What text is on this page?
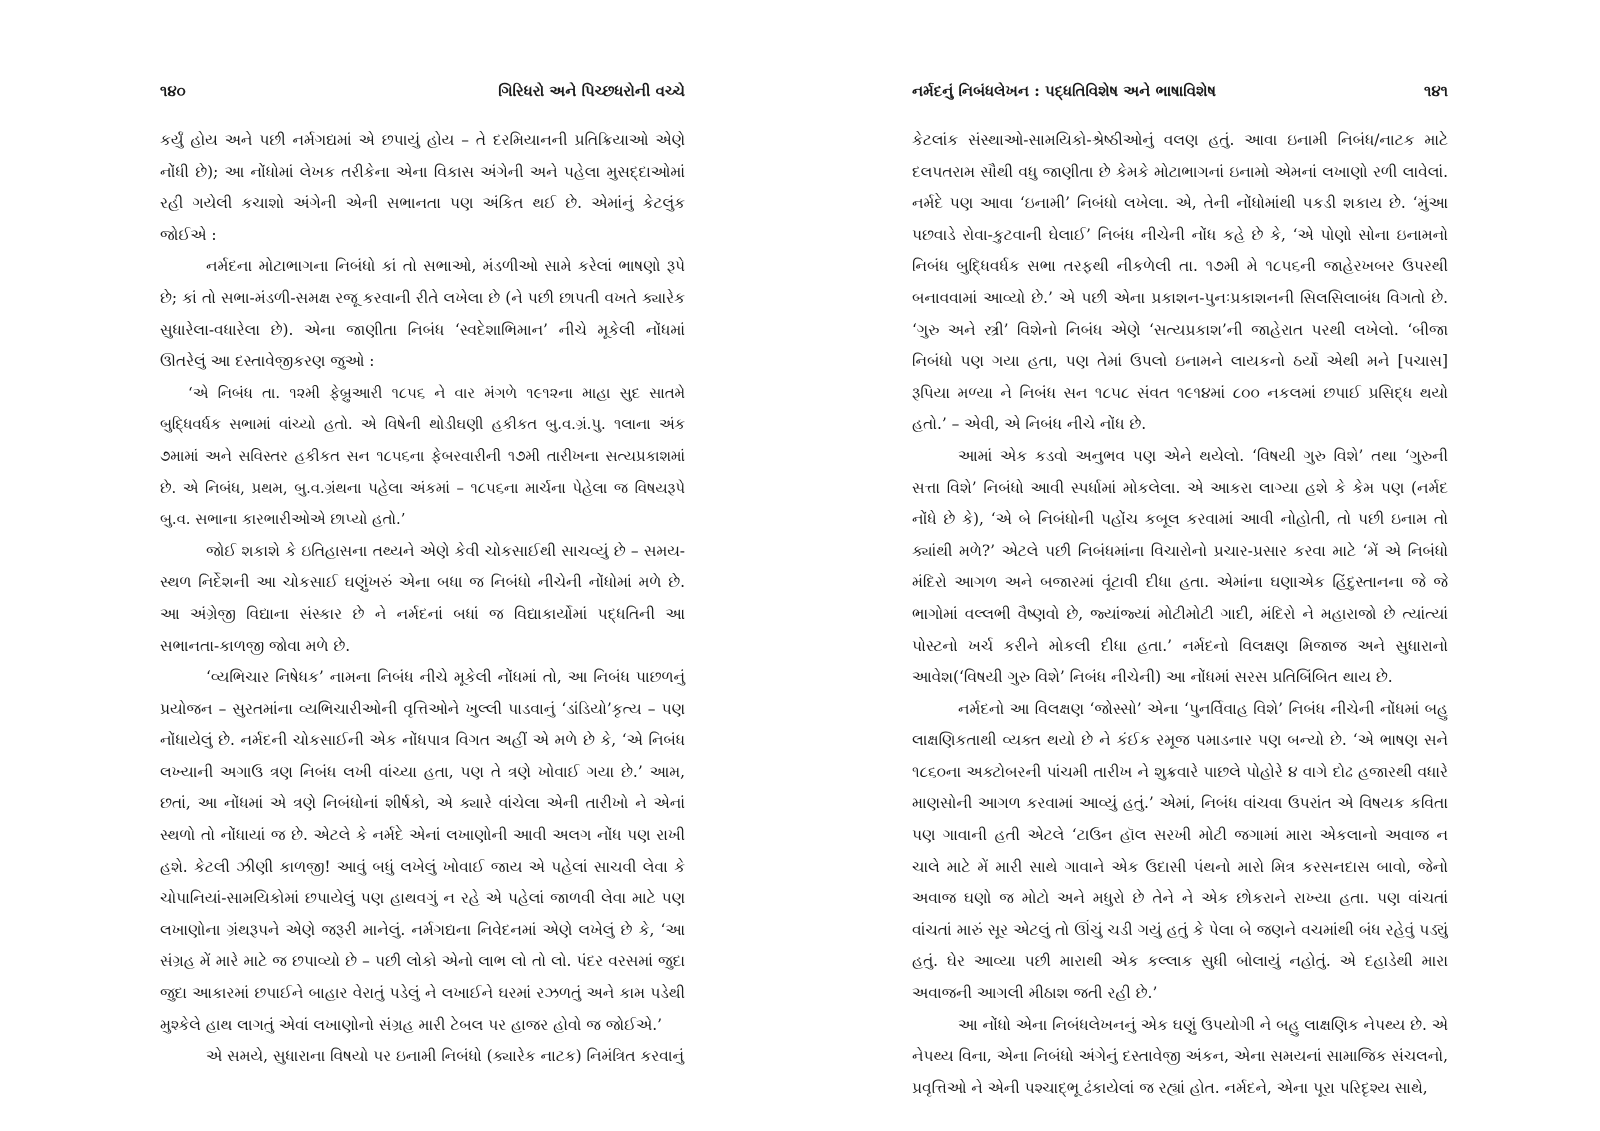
૧૪૦	ગિરિધરો અને પિચ્છધરોની વચ્ચે

કર્યું હોય અને પછી નર્મગદ્યમાં એ છપાયું હોય – તે દરમિયાનની પ્રતિક્રિયાઓ એણે નોંધી છે); આ નોંધોમાં લેખક તરીકેના એના વિકાસ અંગેની અને પહેલા મુસદ્દાઓમાં રહી ગયેલી કચાશો અંગેની એની સભાનતા પણ અંકિત થઈ છે. એમાંનું કેટલુંક જોઈએ :

નર્મદના મોટાભાગના નિબંધો કાં તો સભાઓ, મંડળીઓ સામે કરેલાં ભાષણો રૂપે છે; કાં તો સભા-મંડળી-સમક્ષ રજૂ કરવાની રીતે લખેલા છે (ને પછી છાપતી વખતે ક્યારેક સુધારેલા-વધારેલા છે). એના જાણીતા નિબંધ ‘સ્વદેશાભિમાન’ નીચે મૂકેલી નોંધમાં ઊતરેલું આ દસ્તાવેજીકરણ જુઓ :

‘એ નિબંધ તા. ૧૨મી ફેબ્રુઆરી ૧૮૫૬ ને વાર મંગળે ૧૯૧૨ના માહા સુદ સાતમે બુદ્ધિવર્ધક સભામાં વાંચ્યો હતો. એ વિષેની થોડીઘણી હકીકત બુ.વ.ગ્રં.પુ. ૧લાના અંક ૭મામાં અને સવિસ્તર હકીકત સન ૧૮૫૬ના ફેબરવારીની ૧૭મી તારીખના સત્યપ્રકાશમાં છે. એ નિબંધ, પ્રથમ, બુ.વ.ગ્રંથના પહેલા અંકમાં – ૧૮૫૬ના માર્ચના પેહેલા જ વિષયરૂપે બુ.વ. સભાના કારભારીઓએ છાપ્યો હતો.’

જોઈ શકાશે કે ઇતિહાસના તથ્યને એણે કેવી ચોકસાઈથી સાચવ્યું છે – સમય-સ્થળ નિર્દેશની આ ચોકસાઈ ઘણુંખરું એના બધા જ નિબંધો નીચેની નોંધોમાં મળે છે. આ અંગ્રેજી વિદ્યાના સંસ્કાર છે ને નર્મદનાં બધાં જ વિદ્યાકાર્યોમાં પદ્ધતિની આ સભાનતા-કાળજી જોવા મળે છે.

‘વ્યભિચાર નિષેધક’ નામના નિબંધ નીચે મૂકેલી નોંધમાં તો, આ નિબંધ પાછળનું પ્રયોજન – સુરતમાંના વ્યભિચારીઓની વૃત્તિઓને ખુલ્લી પાડવાનું ‘ડાંડિયો’કૃત્ય – પણ નોંધાયેલું છે. નર્મદની ચોકસાઈની એક નોંધપાત્ર વિગત અહીં એ મળે છે કે, ‘એ નિબંધ લખ્યાની અગાઉ ત્રણ નિબંધ લખી વાંચ્યા હતા, પણ તે ત્રણે ખોવાઈ ગયા છે.’ આમ, છતાં, આ નોંધમાં એ ત્રણે નિબંધોનાં શીર્ષકો, એ ક્યારે વાંચેલા એની તારીખો ને એનાં સ્થળો તો નોંધાયાં જ છે. એટલે કે નર્મદે એનાં લખાણોની આવી અલગ નોંધ પણ રાખી હશે. કેટલી ઝીણી કાળજી! આવું બધું લખેલું ખોવાઈ જાય એ પહેલાં સાચવી લેવા કે ચોપાનિયાં-સામયિકોમાં છપાયેલું પણ હાથવગું ન રહે એ પહેલાં જાળવી લેવા માટે પણ લખાણોના ગ્રંથરૂપને એણે જરૂરી માનેલું. નર્મગદ્યના નિવેદનમાં એણે લખેલું છે કે, ‘આ સંગ્રહ મેં મારે માટે જ છપાવ્યો છે – પછી લોકો એનો લાભ લો તો લો. પંદર વરસમાં જુદા જુદા આકારમાં છપાઈને બાહાર વેરાતું પડેલું ને લખાઈને ઘરમાં રઝળતું અને કામ પડેથી મુશ્કેલે હાથ લાગતું એવાં લખાણોનો સંગ્રહ મારી ટેબલ પર હાજર હોવો જ જોઈએ.’

એ સમયે, સુધારાના વિષયો પર ઇનામી નિબંધો (ક્યારેક નાટક) નિમંત્રિત કરવાનું

નર્મદનું નિબંધલેખન : પદ્ધતિવિશેષ અને ભાષાવિશેષ	૧૪૧

કેટલાંક સંસ્થાઓ-સામયિકો-શ્રેષ્ઠીઓનું વલણ હતું. આવા ઇનામી નિબંધ/નાટક માટે દલપતરામ સૌથી વધુ જાણીતા છે કેમકે મોટાભાગનાં ઇનામો એમનાં લખાણો રળી લાવેલાં. નર્મદે પણ આવા ‘ઇનામી’ નિબંધો લખેલા. એ, તેની નોંધોમાંથી પકડી શકાય છે. ‘મુંઆ પછવાડે રોવા-કુટવાની ઘેલાઈ’ નિબંધ નીચેની નોંધ કહે છે કે, ‘એ પોણો સોના ઇનામનો નિબંધ બુદ્ધિવર્ધક સભા તરફથી નીકળેલી તા. ૧૭મી મે ૧૮૫૬ની જાહેરખબર ઉપરથી બનાવવામાં આવ્યો છે.’ એ પછી એના પ્રકાશન-પુનઃપ્રકાશનની સિલસિલાબંધ વિગતો છે. ‘ગુરુ અને સ્ત્રી’ વિશેનો નિબંધ એણે ‘સત્યપ્રકાશ’ની જાહેરાત પરથી લખેલો. ‘બીજા નિબંધો પણ ગયા હતા, પણ તેમાં ઉપલો ઇનામને લાયકનો ઠર્યો એથી મને [પચાસ] રૂપિયા મળ્યા ને નિબંધ સન ૧૮૫૮ સંવત ૧૯૧૪માં ૮૦૦ નકલમાં છપાઈ પ્રસિદ્ધ થયો હતો.’ – એવી, એ નિબંધ નીચે નોંધ છે.

આમાં એક કડવો અનુભવ પણ એને થયેલો. ‘વિષયી ગુરુ વિશે’ તથા ‘ગુરુની સત્તા વિશે’ નિબંધો આવી સ્પર્ધામાં મોકલેલા. એ આકરા લાગ્યા હશે કે કેમ પણ (નર્મદ નોંધે છે કે), ‘એ બે નિબંધોની પહોંચ કબૂલ કરવામાં આવી નોહોતી, તો પછી ઇનામ તો ક્યાંથી મળે?’ એટલે પછી નિબંધમાંના વિચારોનો પ્રચાર-પ્રસાર કરવા માટે ‘મેં એ નિબંધો મંદિરો આગળ અને બજારમાં વૂંટાવી દીધા હતા. એમાંના ઘણાએક હિંદુસ્તાનના જે જે ભાગોમાં વલ્લભી વૈષ્ણવો છે, જ્યાંજ્યાં મોટીમોટી ગાદી, મંદિરો ને મહારાજો છે ત્યાંત્યાં પોસ્ટનો ખર્ચ કરીને મોકલી દીધા હતા.’ નર્મદનો વિલક્ષણ મિજાજ અને સુધારાનો આવેશ(‘વિષયી ગુરુ વિશે’ નિબંધ નીચેની) આ નોંધમાં સરસ પ્રતિબિંબિત થાય છે.

નર્મદનો આ વિલક્ષણ ‘જોસ્સો’ એના ‘પુનર્વિવાહ વિશે’ નિબંધ નીચેની નોંધમાં બહુ લાક્ષણિકતાથી વ્યક્ત થયો છે ને કંઈક રમૂજ પમાડનાર પણ બન્યો છે. ‘એ ભાષણ સને ૧૮૬૦ના અક્ટોબરની પાંચમી તારીખ ને શુક્રવારે પાછલે પોહોરે ૪ વાગે દોઢ હજારથી વધારે માણસોની આગળ કરવામાં આવ્યું હતું.’ એમાં, નિબંધ વાંચવા ઉપરાંત એ વિષયક કવિતા પણ ગાવાની હતી એટલે ‘ટાઉન હૉલ સરખી મોટી જગામાં મારા એકલાનો અવાજ ન ચાલે માટે મેં મારી સાથે ગાવાને એક ઉદાસી પંથનો મારો મિત્ર કરસનદાસ બાવો, જેનો અવાજ ઘણો જ મોટો અને મધુરો છે તેને ને એક છોકરાને રાખ્યા હતા. પણ વાંચતાં વાંચતાં મારું સૂર એટલું તો ઊંચું ચડી ગયું હતું કે પેલા બે જણને વચમાંથી બંધ રહેવું પડ્યું હતું. ઘેર આવ્યા પછી મારાથી એક કલ્લાક સુધી બોલાયું નહોતું. એ દહાડેથી મારા અવાજની આગલી મીઠાશ જતી રહી છે.’

આ નોંધો એના નિબંધલેખનનું એક ઘણું ઉપયોગી ને બહુ લાક્ષણિક નેપથ્ય છે. એ નેપથ્ય વિના, એના નિબંધો અંગેનું દસ્તાવેજી અંકન, એના સમયનાં સામાજિક સંચલનો, પ્રવૃત્તિઓ ને એની પશ્ચાદ્‌ભૂ ઢંકાયેલાં જ રહ્યાં હોત. નર્મદને, એના પૂરા પરિદૃશ્ય સાથે,
